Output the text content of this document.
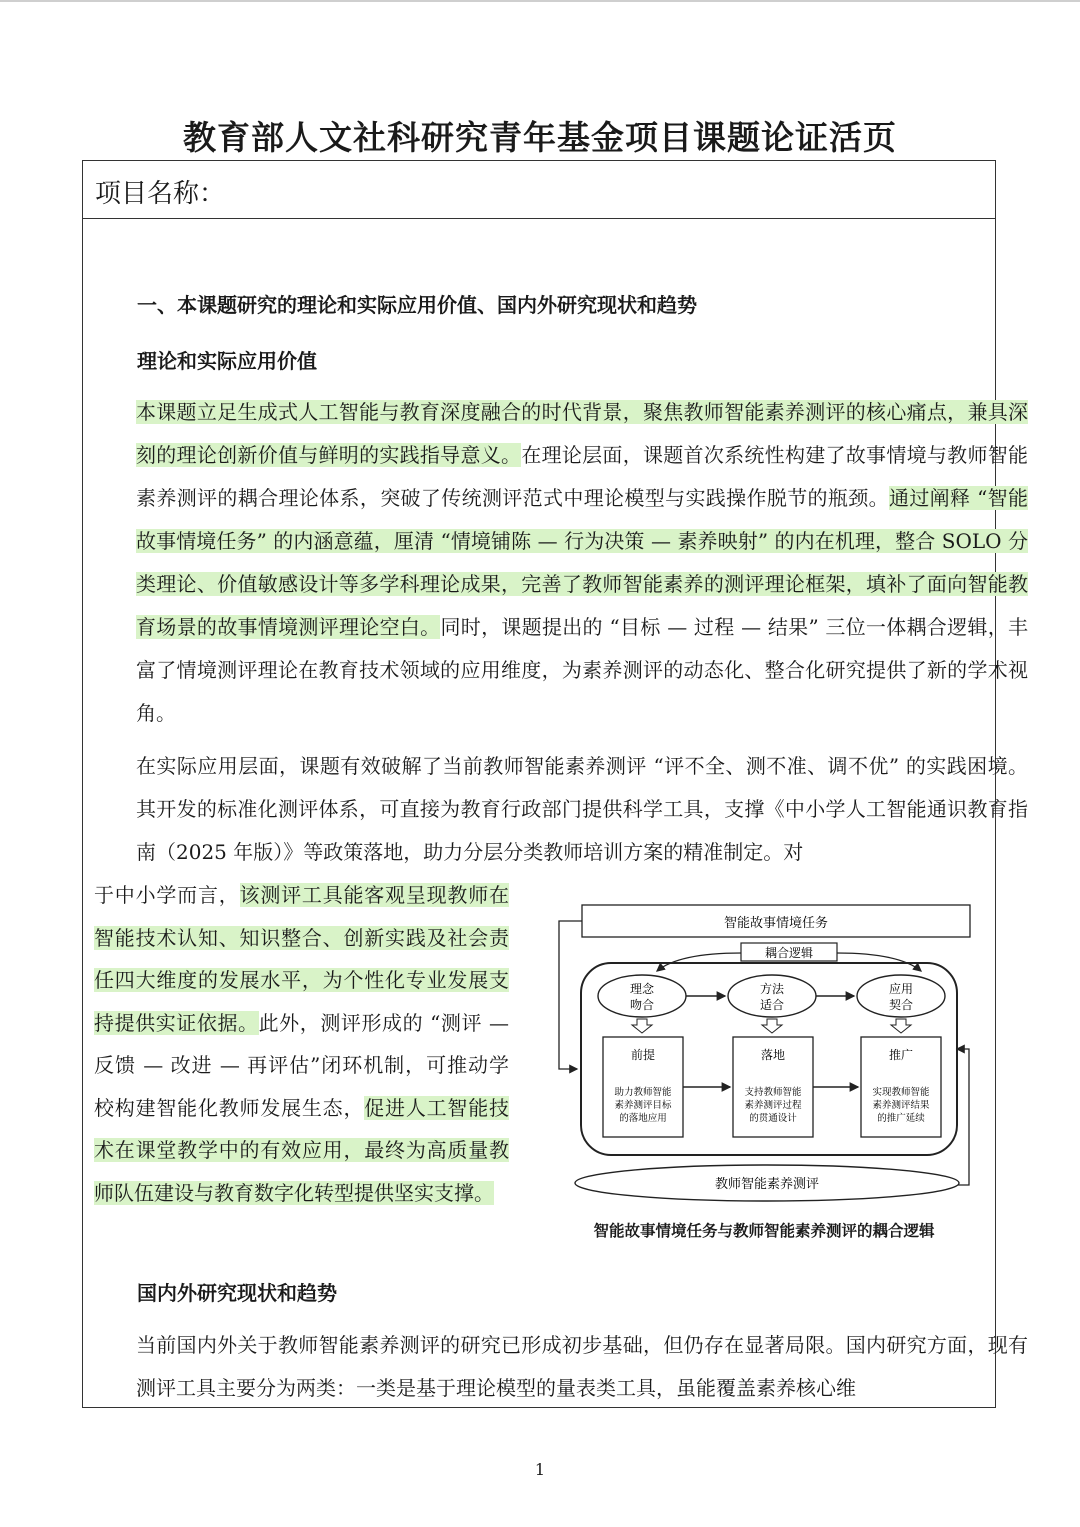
教育部人文社科研究青年基金项目课题论证活页
项目名称：
一、本课题研究的理论和实际应用价值、国内外研究现状和趋势
理论和实际应用价值
本课题立足生成式人工智能与教育深度融合的时代背景，聚焦教师智能素养测评的核心痛点，兼具深刻的理论创新价值与鲜明的实践指导意义。在理论层面，课题首次系统性构建了故事情境与教师智能素养测评的耦合理论体系，突破了传统测评范式中理论模型与实践操作脱节的瓶颈。通过阐释 “智能故事情境任务” 的内涵意蕴，厘清 “情境铺陈 — 行为决策 — 素养映射” 的内在机理，整合 SOLO 分类理论、价值敏感设计等多学科理论成果，完善了教师智能素养的测评理论框架，填补了面向智能教育场景的故事情境测评理论空白。同时，课题提出的 “目标 — 过程 — 结果” 三位一体耦合逻辑，丰富了情境测评理论在教育技术领域的应用维度，为素养测评的动态化、整合化研究提供了新的学术视角。
在实际应用层面，课题有效破解了当前教师智能素养测评 “评不全、测不准、调不优” 的实践困境。其开发的标准化测评体系，可直接为教育行政部门提供科学工具，支撑《中小学人工智能通识教育指南（2025 年版）》等政策落地，助力分层分类教师培训方案的精准制定。对
于中小学而言，该测评工具能客观呈现教师在智能技术认知、知识整合、创新实践及社会责任四大维度的发展水平，为个性化专业发展支持提供实证依据。此外，测评形成的 “测评 — 反馈 — 改进 — 再评估”闭环机制，可推动学校构建智能化教师发展生态，促进人工智能技术在课堂教学中的有效应用，最终为高质量教师队伍建设与教育数字化转型提供坚实支撑。
智能故事情境任务
耦合逻辑
理念
吻合
方法
适合
应用
契合
前提
助力教师智能
素养测评目标
的落地应用
落地
支持教师智能
素养测评过程
的贯通设计
推广
实现教师智能
素养测评结果
的推广延续
教师智能素养测评
智能故事情境任务与教师智能素养测评的耦合逻辑
国内外研究现状和趋势
当前国内外关于教师智能素养测评的研究已形成初步基础，但仍存在显著局限。国内研究方面，现有测评工具主要分为两类：一类是基于理论模型的量表类工具，虽能覆盖素养核心维
1
